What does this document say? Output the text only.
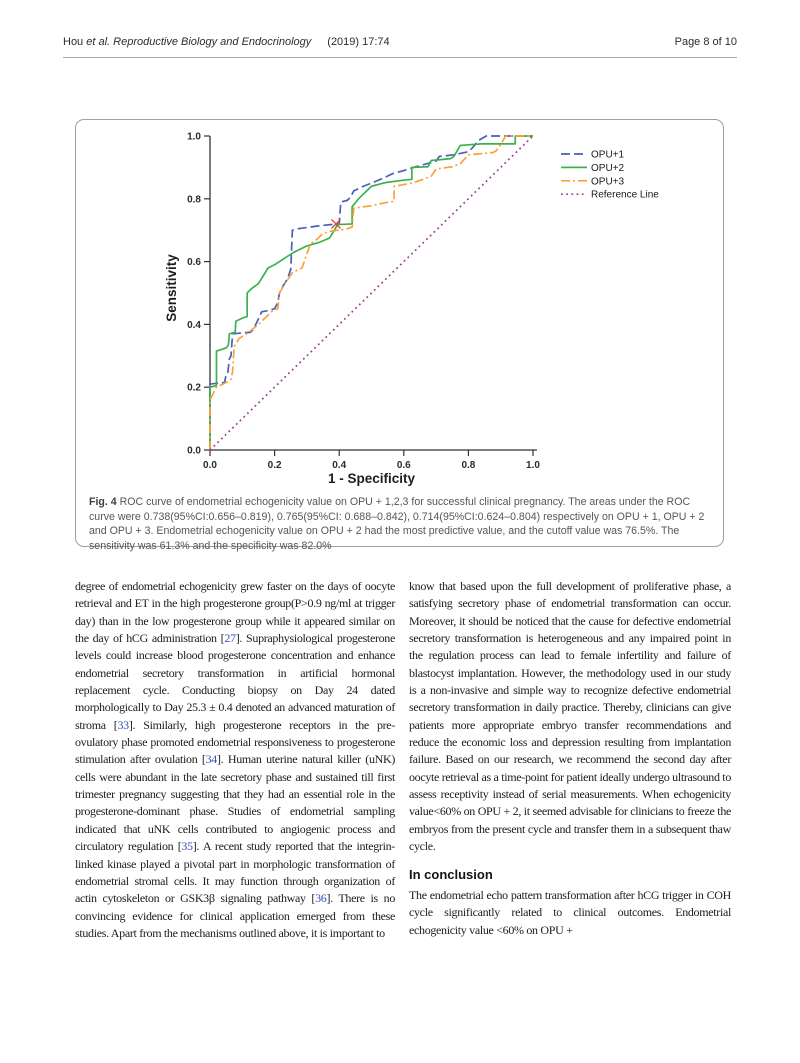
Hou et al. Reproductive Biology and Endocrinology (2019) 17:74	Page 8 of 10
0.0
0.2
0.4
0.6
0.8
1.0
0.0	0.2	0.4	0.6	0.8	1.0
Sensitivity
1 - Specificity
OPU+1
OPU+2
OPU+3
Reference Line

Fig. 4 ROC curve of endometrial echogenicity value on OPU + 1,2,3 for successful clinical pregnancy. The areas under the ROC curve were 0.738(95%CI:0.656–0.819), 0.765(95%CI: 0.688–0.842), 0.714(95%CI:0.624–0.804) respectively on OPU + 1, OPU + 2 and OPU + 3. Endometrial echogenicity value on OPU + 2 had the most predictive value, and the cutoff value was 76.5%. The sensitivity was 61.3% and the specificity was 82.0%

degree of endometrial echogenicity grew faster on the days of oocyte retrieval and ET in the high progesterone group(P>0.9 ng/ml at trigger day) than in the low progesterone group while it appeared similar on the day of hCG administration [27]. Supraphysiological progesterone levels could increase blood progesterone concentration and enhance endometrial secretory transformation in artificial hormonal replacement cycle. Conducting biopsy on Day 24 dated morphologically to Day 25.3 ± 0.4 denoted an advanced maturation of stroma [33]. Similarly, high progesterone receptors in the pre-ovulatory phase promoted endometrial responsiveness to progesterone stimulation after ovulation [34]. Human uterine natural killer (uNK) cells were abundant in the late secretory phase and sustained till first trimester pregnancy suggesting that they had an essential role in the progesterone-dominant phase. Studies of endometrial sampling indicated that uNK cells contributed to angiogenic process and circulatory regulation [35]. A recent study reported that the integrin-linked kinase played a pivotal part in morphologic transformation of endometrial stromal cells. It may function through organization of actin cytoskeleton or GSK3β signaling pathway [36]. There is no convincing evidence for clinical application emerged from these studies. Apart from the mechanisms outlined above, it is important to

know that based upon the full development of proliferative phase, a satisfying secretory phase of endometrial transformation can occur. Moreover, it should be noticed that the cause for defective endometrial secretory transformation is heterogeneous and any impaired point in the regulation process can lead to female infertility and failure of blastocyst implantation. However, the methodology used in our study is a non-invasive and simple way to recognize defective endometrial secretory transformation in daily practice. Thereby, clinicians can give patients more appropriate embryo transfer recommendations and reduce the economic loss and depression resulting from implantation failure. Based on our research, we recommend the second day after oocyte retrieval as a time-point for patient ideally undergo ultrasound to assess receptivity instead of serial measurements. When echogenicity value<60% on OPU + 2, it seemed advisable for clinicians to freeze the embryos from the present cycle and transfer them in a subsequent thaw cycle.

In conclusion

The endometrial echo pattern transformation after hCG trigger in COH cycle significantly related to clinical outcomes. Endometrial echogenicity value <60% on OPU +
